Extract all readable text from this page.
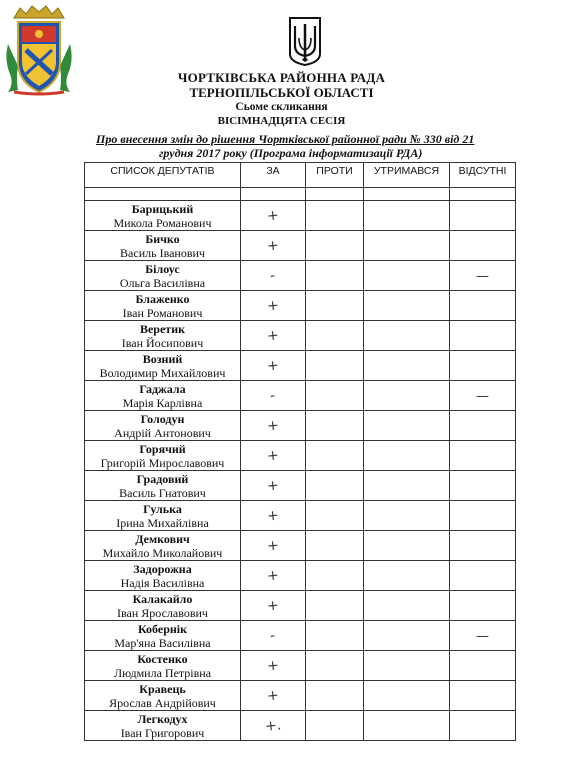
ЧОРТКІВСЬКА РАЙОННА РАДА
ТЕРНОПІЛЬСЬКОЇ ОБЛАСТІ
Сьоме скликання
ВІСІМНАДЦЯТА СЕСІЯ
Про внесення змін до рішення Чортківської районної ради № 330 від 21
грудня 2017 року (Програма інформатизації РДА)
СПИСОК ДЕПУТАТІВ	ЗА	ПРОТИ	УТРИМАВСЯ	ВІДСУТНІ

Барицький
Микола Романович	+			

Бичко
Василь Іванович	+			

Білоус
Ольга Василівна	-			—

Блаженко
Іван Романович	+			

Веретик
Іван Йосипович	+			

Возний
Володимир Михайлович	+			

Гаджала
Марія Карлівна	-			—

Голодун
Андрій Антонович	+			

Горячий
Григорій Мирославович	+			

Градовий
Василь Гнатович	+			

Гулька
Ірина Михайлівна	+			

Демкович
Михайло Миколайович	+			

Задорожна
Надія Василівна	+			

Калакайло
Іван Ярославович	+			

Кобернік
Мар'яна Василівна	-			—

Костенко
Людмила Петрівна	+			

Кравець
Ярослав Андрійович	+			

Легкодух
Іван Григорович	+.			
